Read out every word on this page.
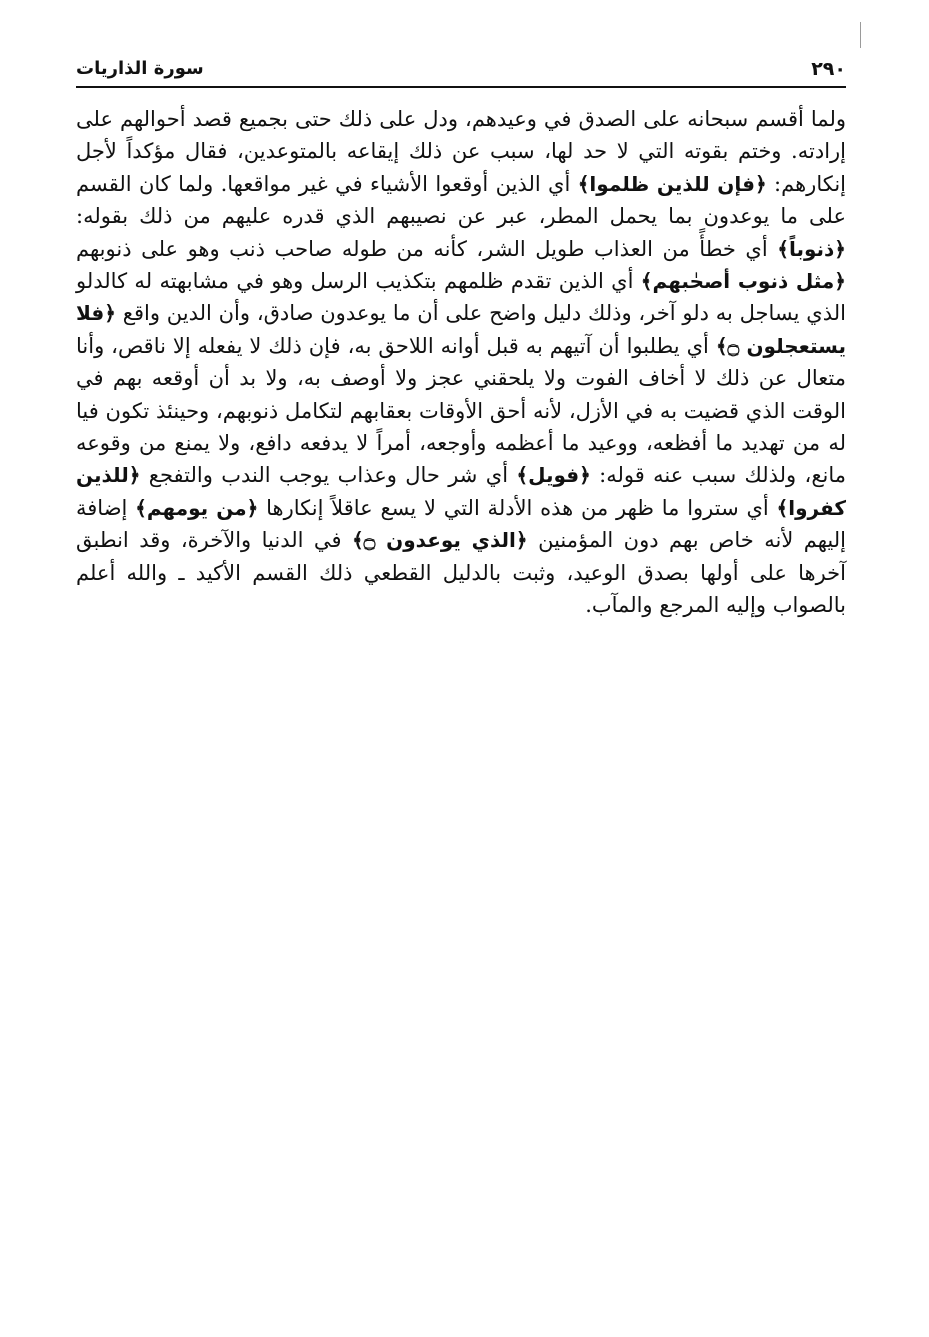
٢٩٠
سورة الذاريات
ولما أقسم سبحانه على الصدق في وعيدهم، ودل على ذلك حتى بجميع قصد أحوالهم على إرادته. وختم بقوته التي لا حد لها، سبب عن ذلك إيقاعه بالمتوعدين، فقال مؤكداً لأجل إنكارهم: ﴿فإن للذين ظلموا﴾ أي الذين أوقعوا الأشياء في غير مواقعها. ولما كان القسم على ما يوعدون بما يحمل المطر، عبر عن نصيبهم الذي قدره عليهم من ذلك بقوله: ﴿ذنوباً﴾ أي خطأً من العذاب طويل الشر، كأنه من طوله صاحب ذنب وهو على ذنوبهم ﴿مثل ذنوب أصحٰبهم﴾ أي الذين تقدم ظلمهم بتكذيب الرسل وهو في مشابهته له كالدلو الذي يساجل به دلو آخر، وذلك دليل واضح على أن ما يوعدون صادق، وأن الدين واقع ﴿فلا يستعجلون ۝﴾ أي يطلبوا أن آتيهم به قبل أوانه اللاحق به، فإن ذلك لا يفعله إلا ناقص، وأنا متعال عن ذلك لا أخاف الفوت ولا يلحقني عجز ولا أوصف به، ولا بد أن أوقعه بهم في الوقت الذي قضيت به في الأزل، لأنه أحق الأوقات بعقابهم لتكامل ذنوبهم، وحينئذ تكون فيا له من تهديد ما أفظعه، ووعيد ما أعظمه وأوجعه، أمراً لا يدفعه دافع، ولا يمنع من وقوعه مانع، ولذلك سبب عنه قوله: ﴿فويل﴾ أي شر حال وعذاب يوجب الندب والتفجع ﴿للذين كفروا﴾ أي ستروا ما ظهر من هذه الأدلة التي لا يسع عاقلاً إنكارها ﴿من يومهم﴾ إضافة إليهم لأنه خاص بهم دون المؤمنين ﴿الذي يوعدون ۝﴾ في الدنيا والآخرة، وقد انطبق آخرها على أولها بصدق الوعيد، وثبت بالدليل القطعي ذلك القسم الأكيد ـ والله أعلم بالصواب وإليه المرجع والمآب.
